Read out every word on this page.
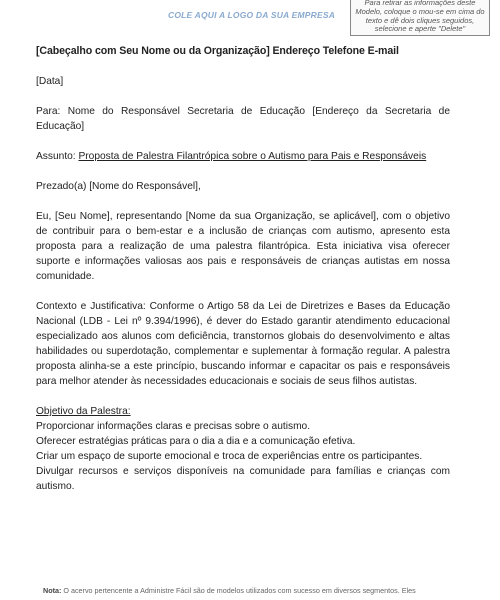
COLE AQUI A LOGO DA SUA EMPRESA
Para retirar as informações deste Modelo, coloque o mou-se em cima do texto e dê dois cliques seguidos, selecione e aperte "Delete"

[Cabeçalho com Seu Nome ou da Organização] Endereço Telefone E-mail

[Data]

Para: Nome do Responsável Secretaria de Educação [Endereço da Secretaria de Educação]

Assunto: Proposta de Palestra Filantrópica sobre o Autismo para Pais e Responsáveis

Prezado(a) [Nome do Responsável],

Eu, [Seu Nome], representando [Nome da sua Organização, se aplicável], com o objetivo de contribuir para o bem-estar e a inclusão de crianças com autismo, apresento esta proposta para a realização de uma palestra filantrópica. Esta iniciativa visa oferecer suporte e informações valiosas aos pais e responsáveis de crianças autistas em nossa comunidade.

Contexto e Justificativa: Conforme o Artigo 58 da Lei de Diretrizes e Bases da Educação Nacional (LDB - Lei nº 9.394/1996), é dever do Estado garantir atendimento educacional especializado aos alunos com deficiência, transtornos globais do desenvolvimento e altas habilidades ou superdotação, complementar e suplementar à formação regular. A palestra proposta alinha-se a este princípio, buscando informar e capacitar os pais e responsáveis para melhor atender às necessidades educacionais e sociais de seus filhos autistas.

Objetivo da Palestra:

Proporcionar informações claras e precisas sobre o autismo.

Oferecer estratégias práticas para o dia a dia e a comunicação efetiva.

Criar um espaço de suporte emocional e troca de experiências entre os participantes.

Divulgar recursos e serviços disponíveis na comunidade para famílias e crianças com autismo.

Nota: O acervo pertencente a Administre Fácil são de modelos utilizados com sucesso em diversos segmentos. Eles
